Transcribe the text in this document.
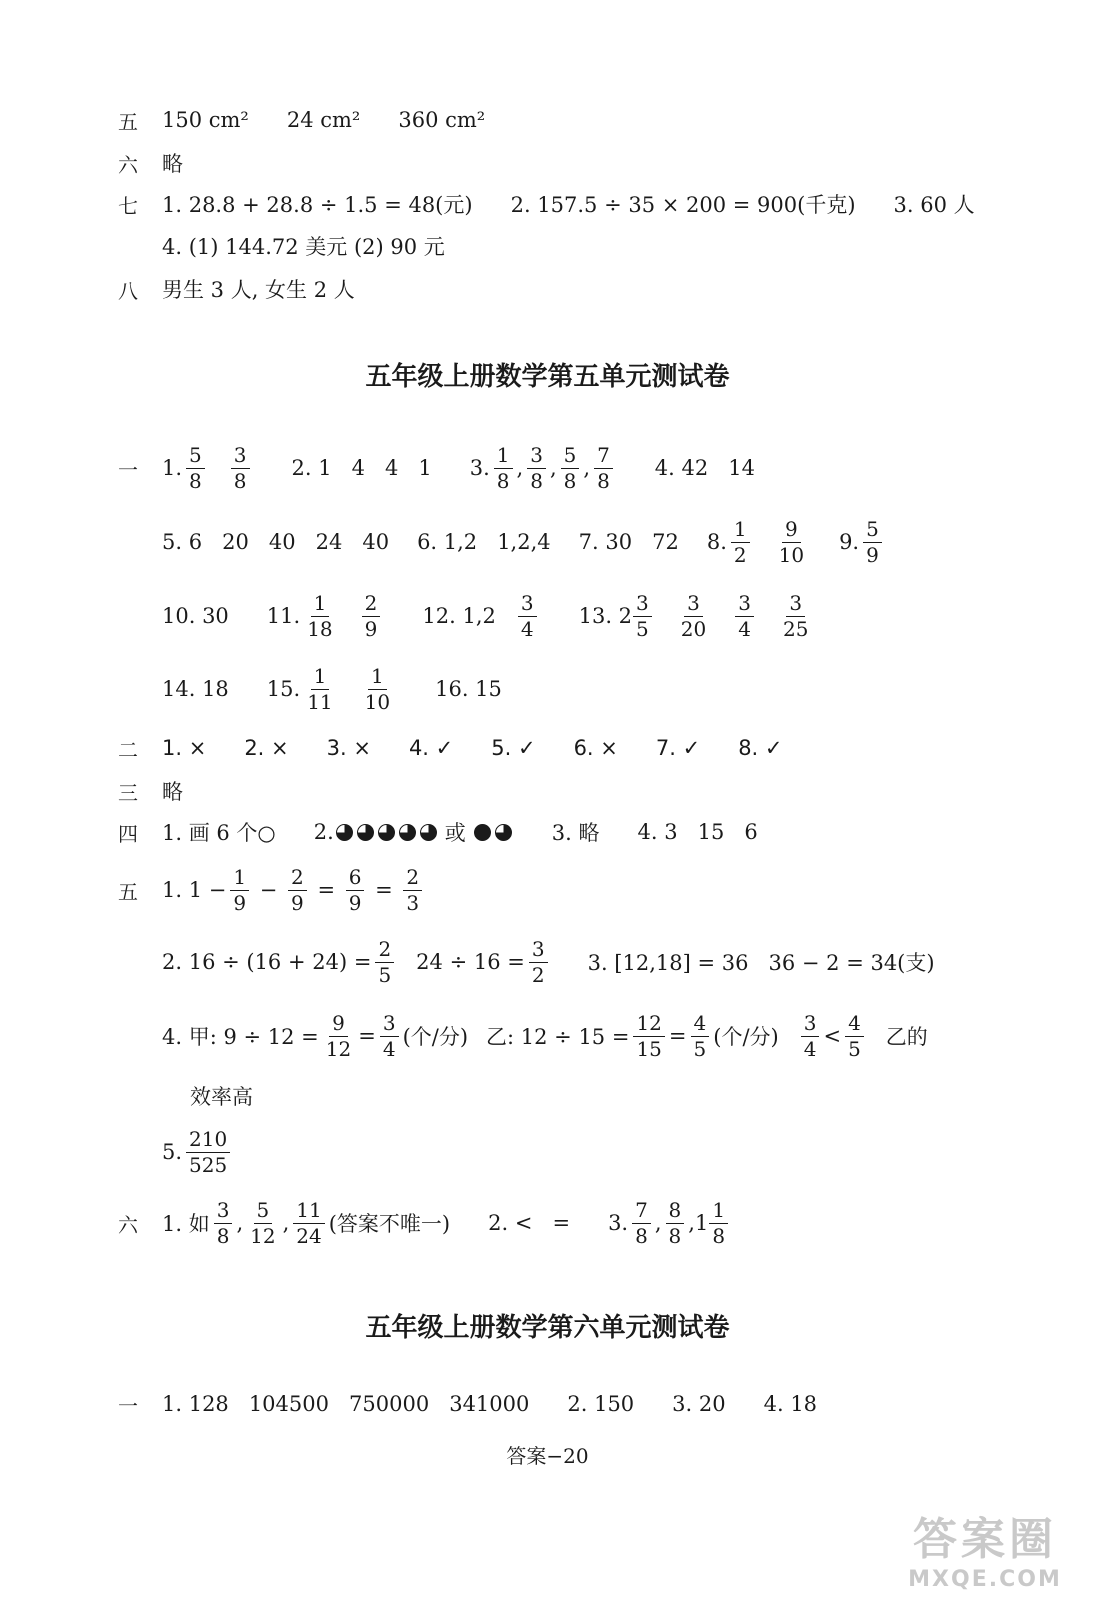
五	150 cm² 24 cm² 360 cm²
六	略
七	1. 28.8 + 28.8 ÷ 1.5 = 48(元) 2. 157.5 ÷ 35 × 200 = 900(千克) 3. 60 人
4. (1) 144.72 美元 (2) 90 元
八	男生 3 人, 女生 2 人
五年级上册数学第五单元测试卷
一	1. $\frac{5}{8} \frac{3}{8} 2$. 1   4   4   1 3. $\frac{1}{8}$ , $\frac{3}{8}$ , $\frac{5}{8}$ , $\frac{7}{8} 4$. 42   14
5. 6   20   40   24   40 6. 1,2   1,2,4 7. 30   72 8. $\frac{1}{2} \frac{9}{10} 9$. $\frac{5}{9}$
10. 30 11. $\frac{1}{18} \frac{2}{9} 12$. $1,2 \frac{3}{4} 13$. $2 \frac{3}{5} \frac{3}{20} \frac{3}{4} \frac{3}{25}$
14. 18 15. $\frac{1}{11} \frac{1}{10} 16$. 15
二	1. × 2. × 3. × 4. ✓ 5. ✓ 6. × 7. ✓ 8. ✓
三	略
四	1. 画 6 个○ 2.	或	3. 略 4. 3   15   6
五	1. $1 - \frac{1}{9} - \frac{2}{9} = \frac{6}{9} = \frac{2}{3}$
2. $16 \div (16 + 24) = \frac{2}{5} 24 \div 16 = \frac{3}{2} 3$. [12,18] = 36   36 − 2 = 34(支)
4. 甲: $9 \div 12 = \frac{9}{12} = \frac{3}{4}$ (个/分) 乙: $12 \div 15 = \frac{12}{15} = \frac{4}{5}$ (个/分) $\frac{3}{4} < \frac{4}{5}$ 乙的
效率高
5. $\frac{210}{525}$
六	1. 如 $\frac{3}{8}$ , $\frac{5}{12}$ , $\frac{11}{24}$ (答案不唯一) 2. <   = 3. $\frac{7}{8}$ , $\frac{8}{8}$ , $1 \frac{1}{8}$
五年级上册数学第六单元测试卷
一	1. 128   104500   750000   341000 2. 150 3. 20 4. 18
答案−20
答案圈
MXQE.COM
